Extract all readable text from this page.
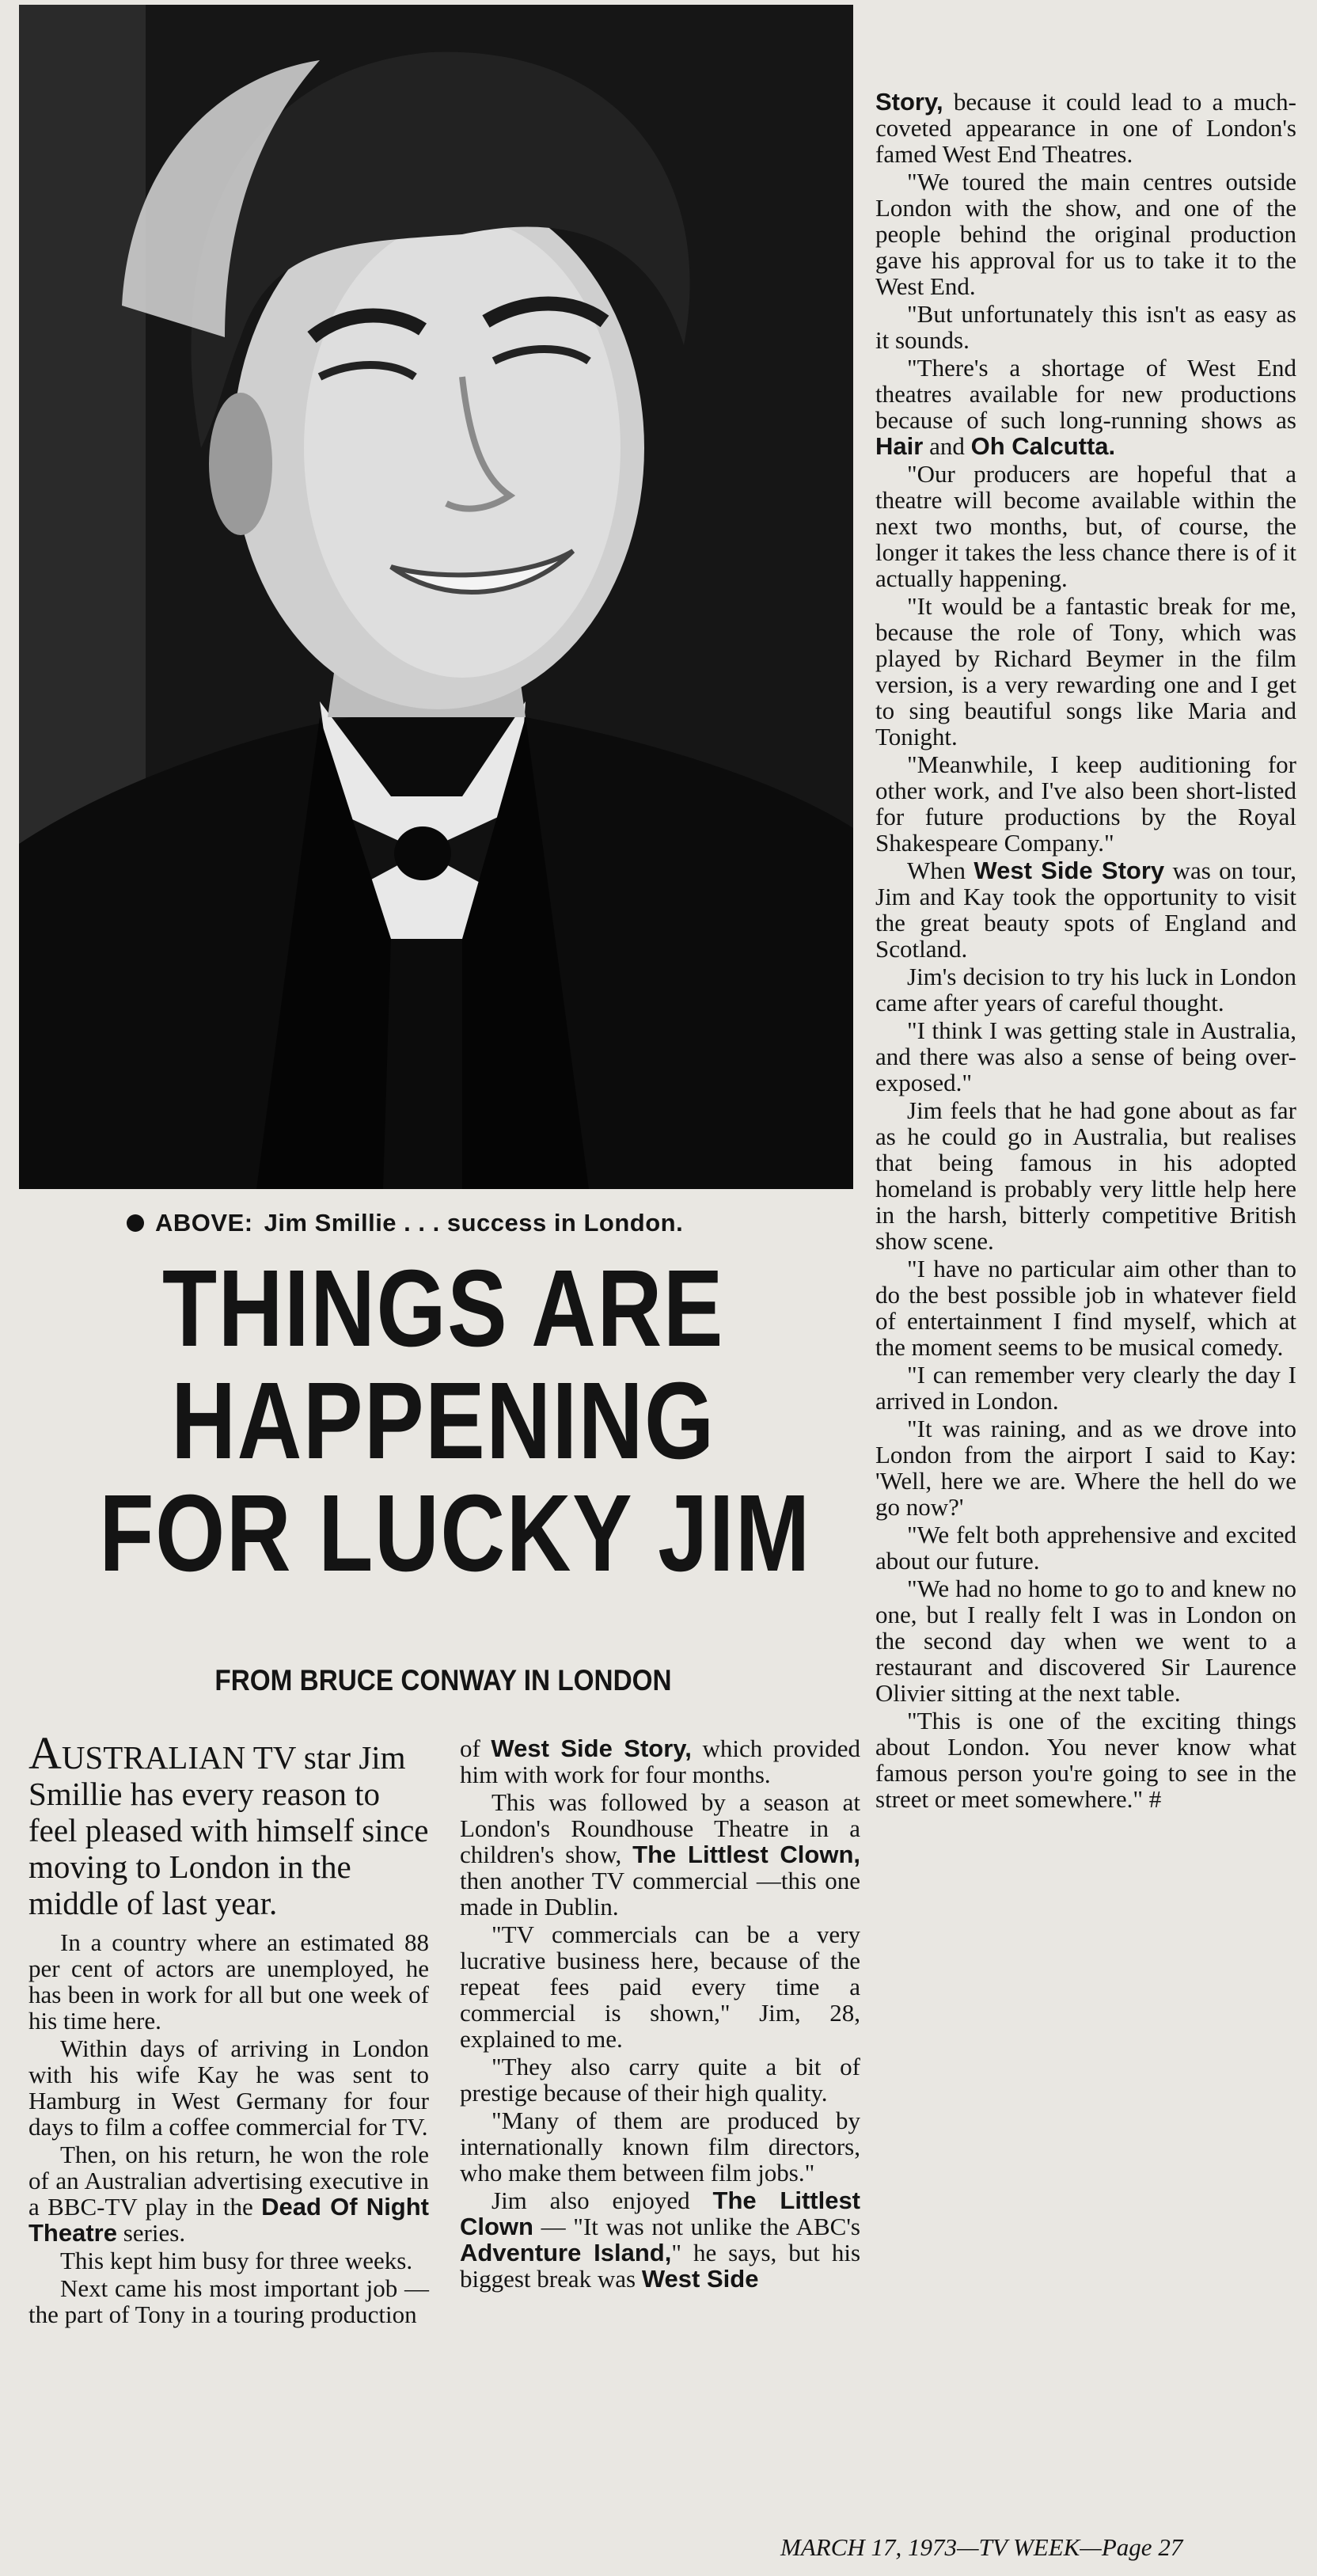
ABOVE: Jim Smillie . . . success in London.
THINGS ARE
HAPPENING
FOR LUCKY JIM
FROM BRUCE CONWAY IN LONDON

AUSTRALIAN TV star Jim Smillie has every reason to feel pleased with himself since moving to London in the middle of last year.

In a country where an estimated 88 per cent of actors are unemployed, he has been in work for all but one week of his time here.

Within days of arriving in London with his wife Kay he was sent to Hamburg in West Germany for four days to film a coffee commercial for TV.

Then, on his return, he won the role of an Australian advertising executive in a BBC-TV play in the Dead Of Night Theatre series.

This kept him busy for three weeks.

Next came his most important job — the part of Tony in a touring production

of West Side Story, which provided him with work for four months.

This was followed by a season at London's Roundhouse Theatre in a children's show, The Littlest Clown, then another TV commercial —this one made in Dublin.

"TV commercials can be a very lucrative business here, because of the repeat fees paid every time a commercial is shown," Jim, 28, explained to me.

"They also carry quite a bit of prestige because of their high quality.

"Many of them are produced by internationally known film directors, who make them between film jobs."

Jim also enjoyed The Littlest Clown — "It was not unlike the ABC's Adventure Island," he says, but his biggest break was West Side

Story, because it could lead to a much-coveted appearance in one of London's famed West End Theatres.

"We toured the main centres outside London with the show, and one of the people behind the original production gave his approval for us to take it to the West End.

"But unfortunately this isn't as easy as it sounds.

"There's a shortage of West End theatres available for new productions because of such long-running shows as Hair and Oh Calcutta.

"Our producers are hopeful that a theatre will become available within the next two months, but, of course, the longer it takes the less chance there is of it actually happening.

"It would be a fantastic break for me, because the role of Tony, which was played by Richard Beymer in the film version, is a very rewarding one and I get to sing beautiful songs like Maria and Tonight.

"Meanwhile, I keep auditioning for other work, and I've also been short-listed for future productions by the Royal Shakespeare Company."

When West Side Story was on tour, Jim and Kay took the opportunity to visit the great beauty spots of England and Scotland.

Jim's decision to try his luck in London came after years of careful thought.

"I think I was getting stale in Australia, and there was also a sense of being over-exposed."

Jim feels that he had gone about as far as he could go in Australia, but realises that being famous in his adopted homeland is probably very little help here in the harsh, bitterly competitive British show scene.

"I have no particular aim other than to do the best possible job in whatever field of entertainment I find myself, which at the moment seems to be musical comedy.

"I can remember very clearly the day I arrived in London.

"It was raining, and as we drove into London from the airport I said to Kay: 'Well, here we are. Where the hell do we go now?'

"We felt both apprehensive and excited about our future.

"We had no home to go to and knew no one, but I really felt I was in London on the second day when we went to a restaurant and discovered Sir Laurence Olivier sitting at the next table.

"This is one of the exciting things about London. You never know what famous person you're going to see in the street or meet somewhere." #

MARCH 17, 1973—TV WEEK—Page 27
